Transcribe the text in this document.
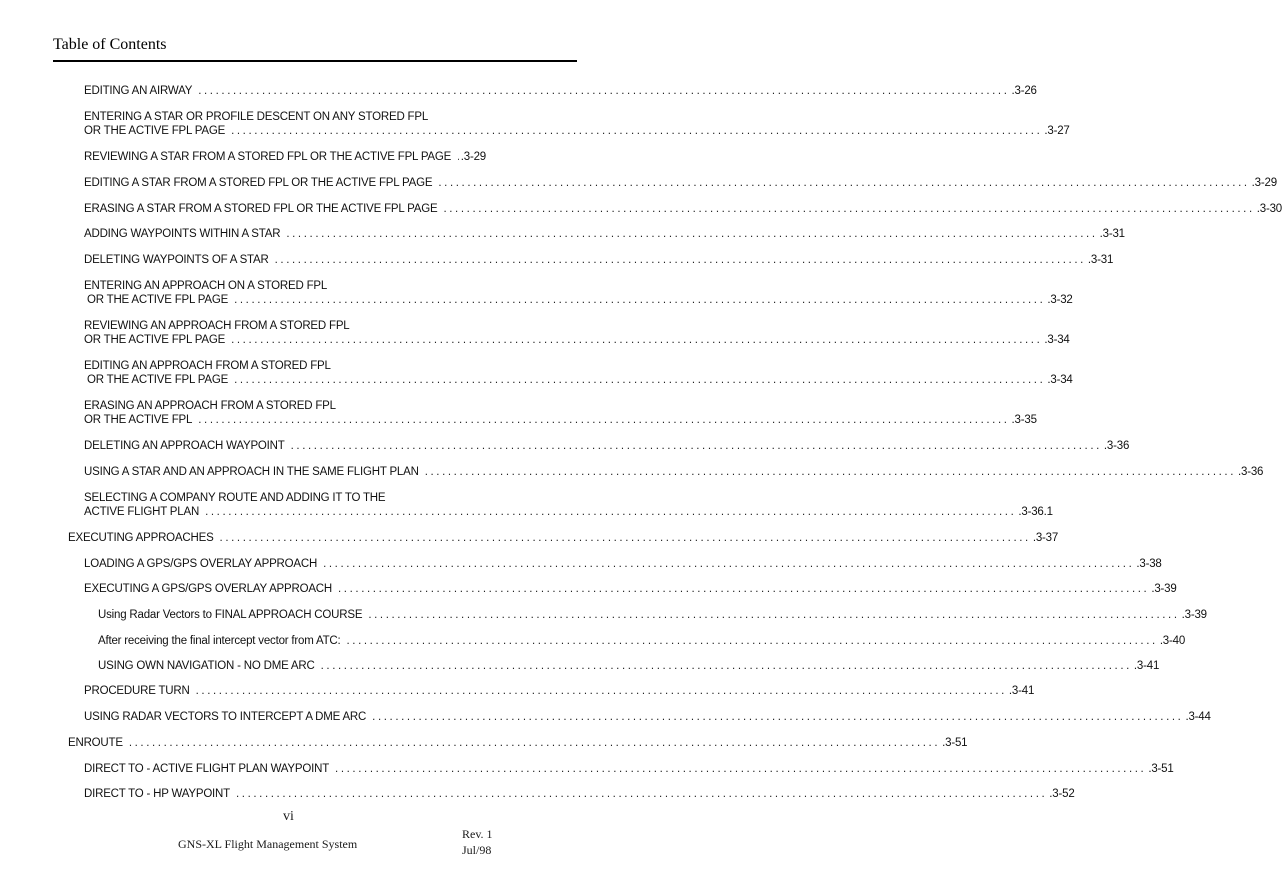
Table of Contents
EDITING AN AIRWAY ............................................................................................................................................ .3-26
ENTERING A STAR OR PROFILE DESCENT ON ANY STORED FPL
OR THE ACTIVE FPL PAGE ............................................................................................................................................ .3-27
REVIEWING A STAR FROM A STORED FPL OR THE ACTIVE FPL PAGE .3-29
EDITING A STAR FROM A STORED FPL OR THE ACTIVE FPL PAGE ............................................................................................................................................ .3-29
ERASING A STAR FROM A STORED FPL OR THE ACTIVE FPL PAGE ............................................................................................................................................ .3-30
ADDING WAYPOINTS WITHIN A STAR ............................................................................................................................................ .3-31
DELETING WAYPOINTS OF A STAR ............................................................................................................................................ .3-31
ENTERING AN APPROACH ON A STORED FPL
OR THE ACTIVE FPL PAGE ............................................................................................................................................ .3-32
REVIEWING AN APPROACH FROM A STORED FPL
OR THE ACTIVE FPL PAGE ............................................................................................................................................ .3-34
EDITING AN APPROACH FROM A STORED FPL
OR THE ACTIVE FPL PAGE ............................................................................................................................................ .3-34
ERASING AN APPROACH FROM A STORED FPL
OR THE ACTIVE FPL ............................................................................................................................................ .3-35
DELETING AN APPROACH WAYPOINT ............................................................................................................................................ .3-36
USING A STAR AND AN APPROACH IN THE SAME FLIGHT PLAN ............................................................................................................................................ .3-36
SELECTING A COMPANY ROUTE AND ADDING IT TO THE
ACTIVE FLIGHT PLAN ............................................................................................................................................ .3-36.1
EXECUTING APPROACHES ............................................................................................................................................ .3-37
LOADING A GPS/GPS OVERLAY APPROACH ............................................................................................................................................ .3-38
EXECUTING A GPS/GPS OVERLAY APPROACH ............................................................................................................................................ .3-39
Using Radar Vectors to FINAL APPROACH COURSE ............................................................................................................................................ .3-39
After receiving the final intercept vector from ATC: ............................................................................................................................................ .3-40
USING OWN NAVIGATION - NO DME ARC ............................................................................................................................................ .3-41
PROCEDURE TURN ............................................................................................................................................ .3-41
USING RADAR VECTORS TO INTERCEPT A DME ARC ............................................................................................................................................ .3-44
ENROUTE ............................................................................................................................................ .3-51
DIRECT TO - ACTIVE FLIGHT PLAN WAYPOINT ............................................................................................................................................ .3-51
DIRECT TO - HP WAYPOINT ............................................................................................................................................ .3-52
vi
GNS-XL Flight Management System
Rev. 1
Jul/98
